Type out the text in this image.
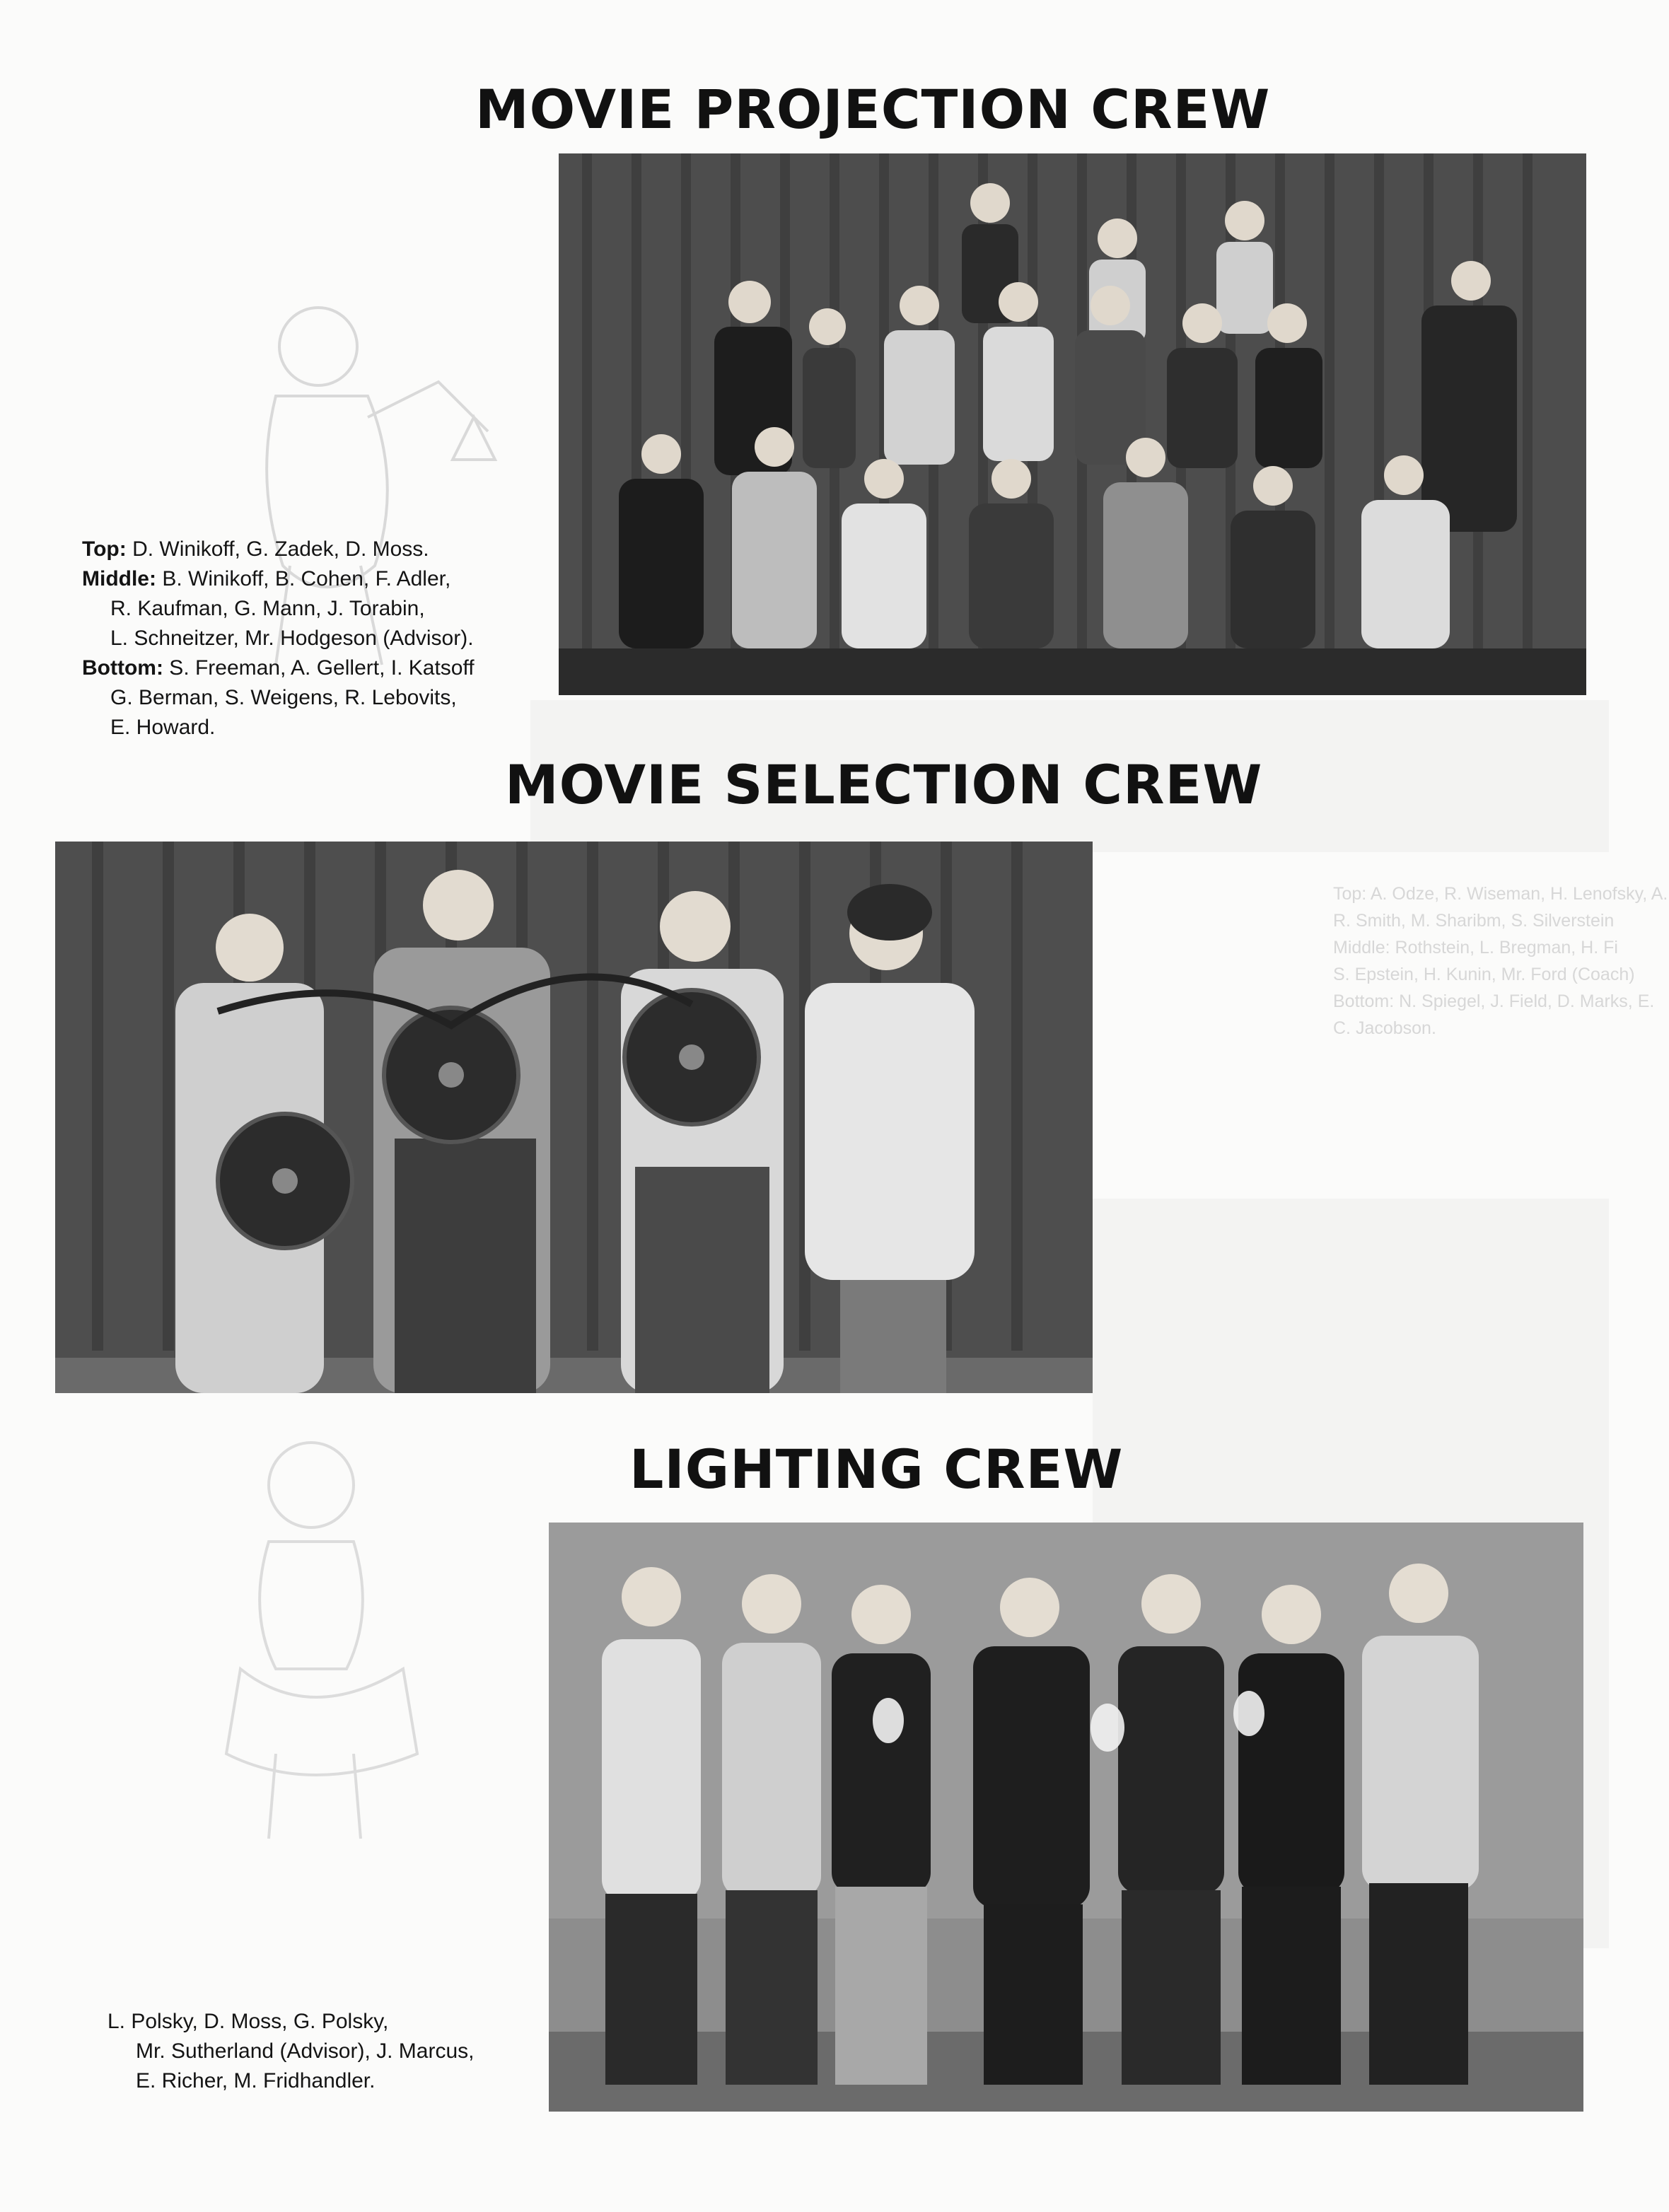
Top: A. Odze, R. Wiseman, H. Lenofsky, A.
R. Smith, M. Sharibm, S. Silverstein
Middle: Rothstein, L. Bregman, H. Fi
S. Epstein, H. Kunin, Mr. Ford (Coach)
Bottom: N. Spiegel, J. Field, D. Marks, E.
C. Jacobson.
MOVIE PROJECTION CREW
Top: D. Winikoff, G. Zadek, D. Moss.
Middle: B. Winikoff, B. Cohen, F. Adler,
R. Kaufman, G. Mann, J. Torabin,
L. Schneitzer, Mr. Hodgeson (Advisor).
Bottom: S. Freeman, A. Gellert, I. Katsoff
G. Berman, S. Weigens, R. Lebovits,
E. Howard.
MOVIE SELECTION CREW
LIGHTING CREW
L. Polsky, D. Moss, G. Polsky,
Mr. Sutherland (Advisor), J. Marcus,
E. Richer, M. Fridhandler.
